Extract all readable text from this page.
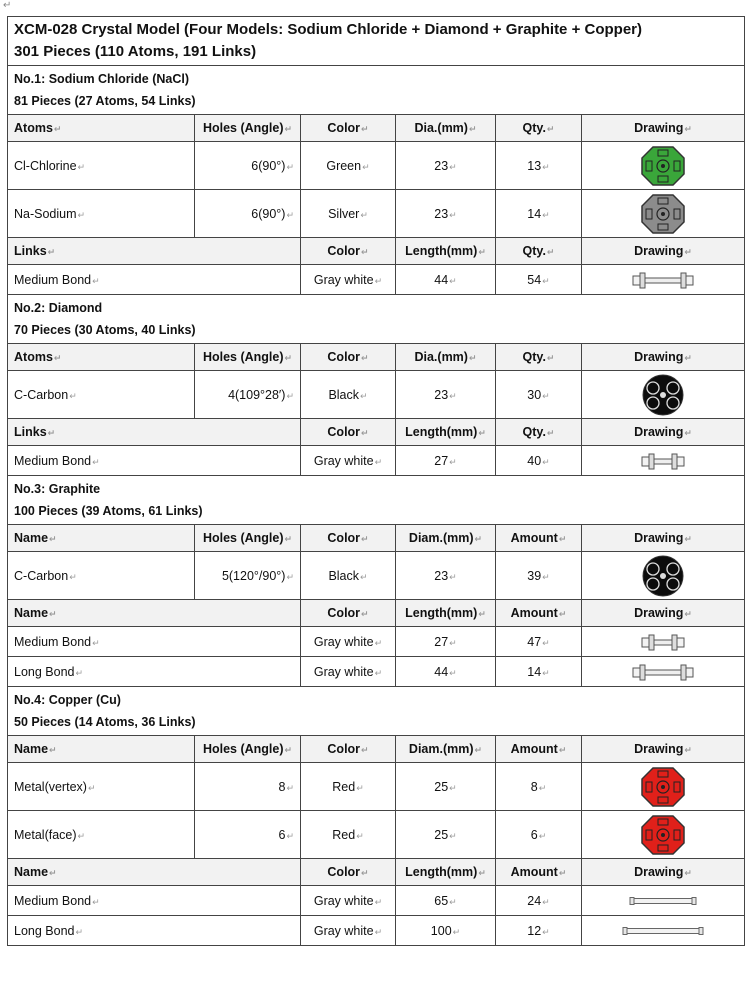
↵
XCM-028 Crystal Model (Four Models: Sodium Chloride + Diamond + Graphite + Copper)
301 Pieces (110 Atoms, 191 Links)					

No.1: Sodium Chloride (NaCl)
81 Pieces (27 Atoms, 54 Links)					

Atoms↵	Holes (Angle)↵	Color↵	Dia.(mm)↵	Qty.↵	Drawing↵
Cl-Chlorine↵	6(90°)↵	Green↵	23↵	13↵	
Na-Sodium↵	6(90°)↵	Silver↵	23↵	14↵	
Links↵		Color↵	Length(mm)↵	Qty.↵	Drawing↵
Medium Bond↵		Gray white↵	44↵	54↵	

No.2: Diamond
70 Pieces (30 Atoms, 40 Links)					

Atoms↵	Holes (Angle)↵	Color↵	Dia.(mm)↵	Qty.↵	Drawing↵
C-Carbon↵	4(109°28′)↵	Black↵	23↵	30↵	
Links↵		Color↵	Length(mm)↵	Qty.↵	Drawing↵
Medium Bond↵		Gray white↵	27↵	40↵	

No.3: Graphite
100 Pieces (39 Atoms, 61 Links)					

Name↵	Holes (Angle)↵	Color↵	Diam.(mm)↵	Amount↵	Drawing↵
C-Carbon↵	5(120°/90°)↵	Black↵	23↵	39↵	
Name↵		Color↵	Length(mm)↵	Amount↵	Drawing↵
Medium Bond↵		Gray white↵	27↵	47↵	
Long Bond↵		Gray white↵	44↵	14↵	

No.4: Copper (Cu)
50 Pieces (14 Atoms, 36 Links)					

Name↵	Holes (Angle)↵	Color↵	Diam.(mm)↵	Amount↵	Drawing↵
Metal(vertex)↵	8↵	Red↵	25↵	8↵	
Metal(face)↵	6↵	Red↵	25↵	6↵	
Name↵		Color↵	Length(mm)↵	Amount↵	Drawing↵
Medium Bond↵		Gray white↵	65↵	24↵	
Long Bond↵		Gray white↵	100↵	12↵	
